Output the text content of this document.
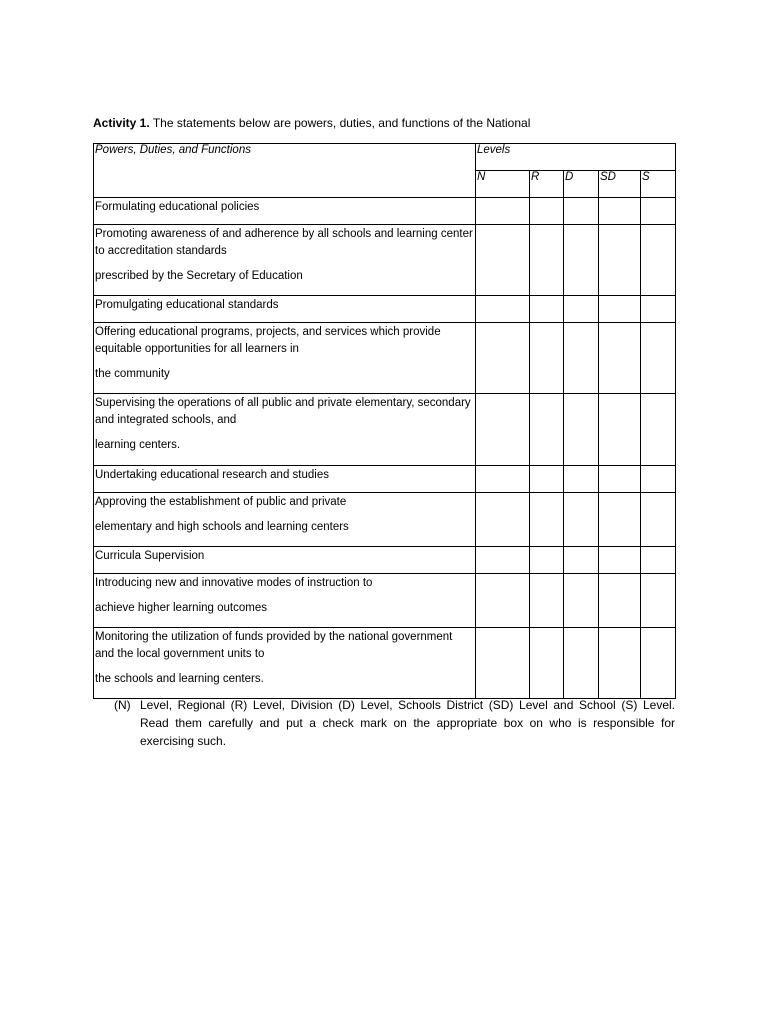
Activity 1. The statements below are powers, duties, and functions of the National
Powers, Duties, and Functions	Levels				
	N	R	D	SD	S

Formulating educational policies					

Promoting awareness of and adherence by all schools and learning center to accreditation standards
prescribed by the Secretary of Education					

Promulgating educational standards					

Offering educational programs, projects, and services which provide equitable opportunities for all learners in
the community					

Supervising the operations of all public and private elementary, secondary and integrated schools, and
learning centers.					

Undertaking educational research and studies					

Approving the establishment of public and private
elementary and high schools and learning centers					

Curricula Supervision					

Introducing new and innovative modes of instruction to
achieve higher learning outcomes					

Monitoring the utilization of funds provided by the national government and the local government units to
the schools and learning centers.					

(N) Level, Regional (R) Level, Division (D) Level, Schools District (SD) Level and School (S) Level.
Read them carefully and put a check mark on the appropriate box on who is responsible for exercising such.
